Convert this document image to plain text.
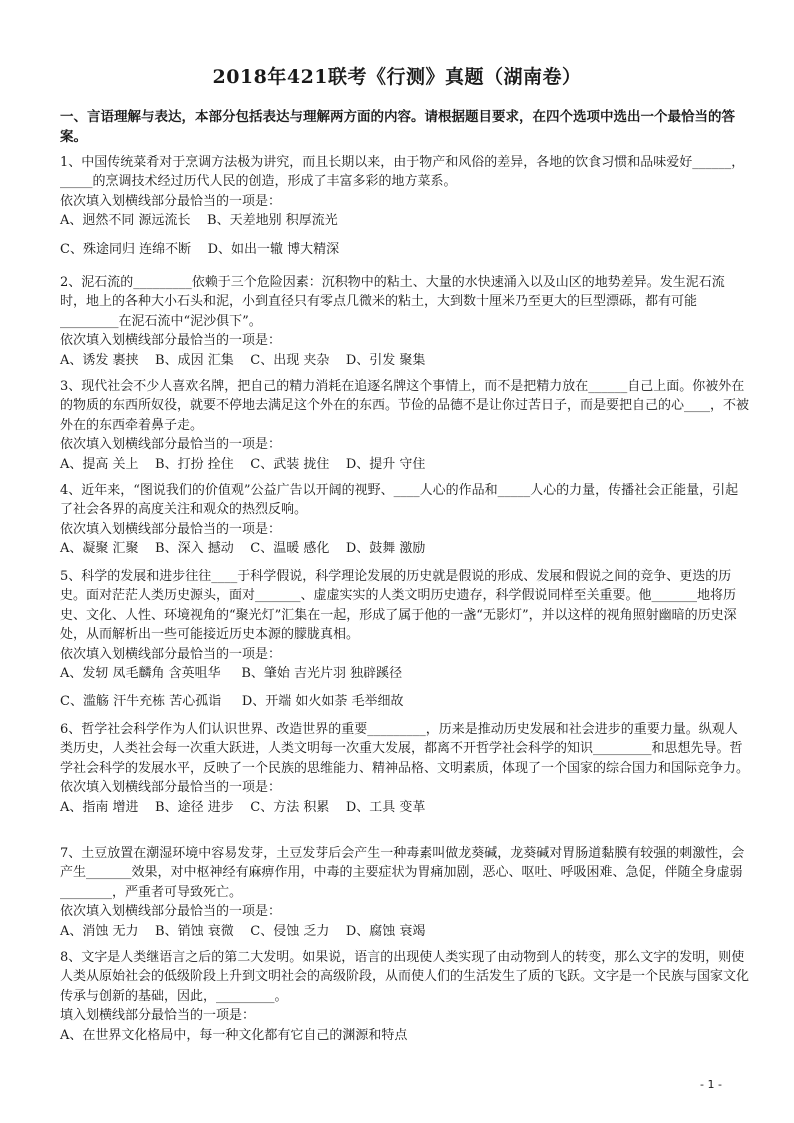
2018年421联考《行测》真题（湖南卷）
一、言语理解与表达，本部分包括表达与理解两方面的内容。请根据题目要求，在四个选项中选出一个最恰当的答案。

1、中国传统菜肴对于烹调方法极为讲究，而且长期以来，由于物产和风俗的差异，各地的饮食习惯和品味爱好______，_____的烹调技术经过历代人民的创造，形成了丰富多彩的地方菜系。

依次填入划横线部分最恰当的一项是：

A、迥然不同 源远流长    B、天差地别 积厚流光

C、殊途同归 连绵不断    D、如出一辙 博大精深

2、泥石流的_________依赖于三个危险因素：沉积物中的粘土、大量的水快速涌入以及山区的地势差异。发生泥石流时，地上的各种大小石头和泥，小到直径只有零点几微米的粘土，大到数十厘米乃至更大的巨型漂砾，都有可能_________在泥石流中“泥沙俱下”。

依次填入划横线部分最恰当的一项是：

A、诱发 裹挟    B、成因 汇集    C、出现 夹杂    D、引发 聚集

3、现代社会不少人喜欢名牌，把自己的精力消耗在追逐名牌这个事情上，而不是把精力放在______自己上面。你被外在的物质的东西所奴役，就要不停地去满足这个外在的东西。节俭的品德不是让你过苦日子，而是要把自己的心____，不被外在的东西牵着鼻子走。

依次填入划横线部分最恰当的一项是：

A、提高 关上    B、打扮 拴住    C、武装 拢住    D、提升 守住

4、近年来，“图说我们的价值观”公益广告以开阔的视野、____人心的作品和_____人心的力量，传播社会正能量，引起了社会各界的高度关注和观众的热烈反响。

依次填入划横线部分最恰当的一项是：

A、凝聚 汇聚    B、深入 撼动    C、温暖 感化    D、鼓舞 激励

5、科学的发展和进步往往____于科学假说，科学理论发展的历史就是假说的形成、发展和假说之间的竞争、更迭的历史。面对茫茫人类历史源头，面对_______、虚虚实实的人类文明历史遗存，科学假说同样至关重要。他_______地将历史、文化、人性、环境视角的“聚光灯”汇集在一起，形成了属于他的一盏“无影灯”，并以这样的视角照射幽暗的历史深处，从而解析出一些可能接近历史本源的朦胧真相。

依次填入划横线部分最恰当的一项是：

A、发轫 凤毛麟角 含英咀华     B、肇始 吉光片羽 独辟蹊径

C、滥觞 汗牛充栋 苦心孤诣     D、开端 如火如荼 毛举细故

6、哲学社会科学作为人们认识世界、改造世界的重要_________，历来是推动历史发展和社会进步的重要力量。纵观人类历史，人类社会每一次重大跃进，人类文明每一次重大发展，都离不开哲学社会科学的知识_________和思想先导。哲学社会科学的发展水平，反映了一个民族的思维能力、精神品格、文明素质，体现了一个国家的综合国力和国际竞争力。

依次填入划横线部分最恰当的一项是：

A、指南 增进    B、途径 进步    C、方法 积累    D、工具 变革

7、土豆放置在潮湿环境中容易发芽，土豆发芽后会产生一种毒素叫做龙葵碱，龙葵碱对胃肠道黏膜有较强的刺激性，会产生_______效果，对中枢神经有麻痹作用，中毒的主要症状为胃痛加剧，恶心、呕吐、呼吸困难、急促，伴随全身虚弱________，严重者可导致死亡。

依次填入划横线部分最恰当的一项是：

A、消蚀 无力    B、销蚀 衰微    C、侵蚀 乏力    D、腐蚀 衰竭

8、文字是人类继语言之后的第二大发明。如果说，语言的出现使人类实现了由动物到人的转变，那么文字的发明，则使人类从原始社会的低级阶段上升到文明社会的高级阶段，从而使人们的生活发生了质的飞跃。文字是一个民族与国家文化传承与创新的基础，因此，_________。

填入划横线部分最恰当的一项是：

A、在世界文化格局中，每一种文化都有它自己的渊源和特点

- 1 -
